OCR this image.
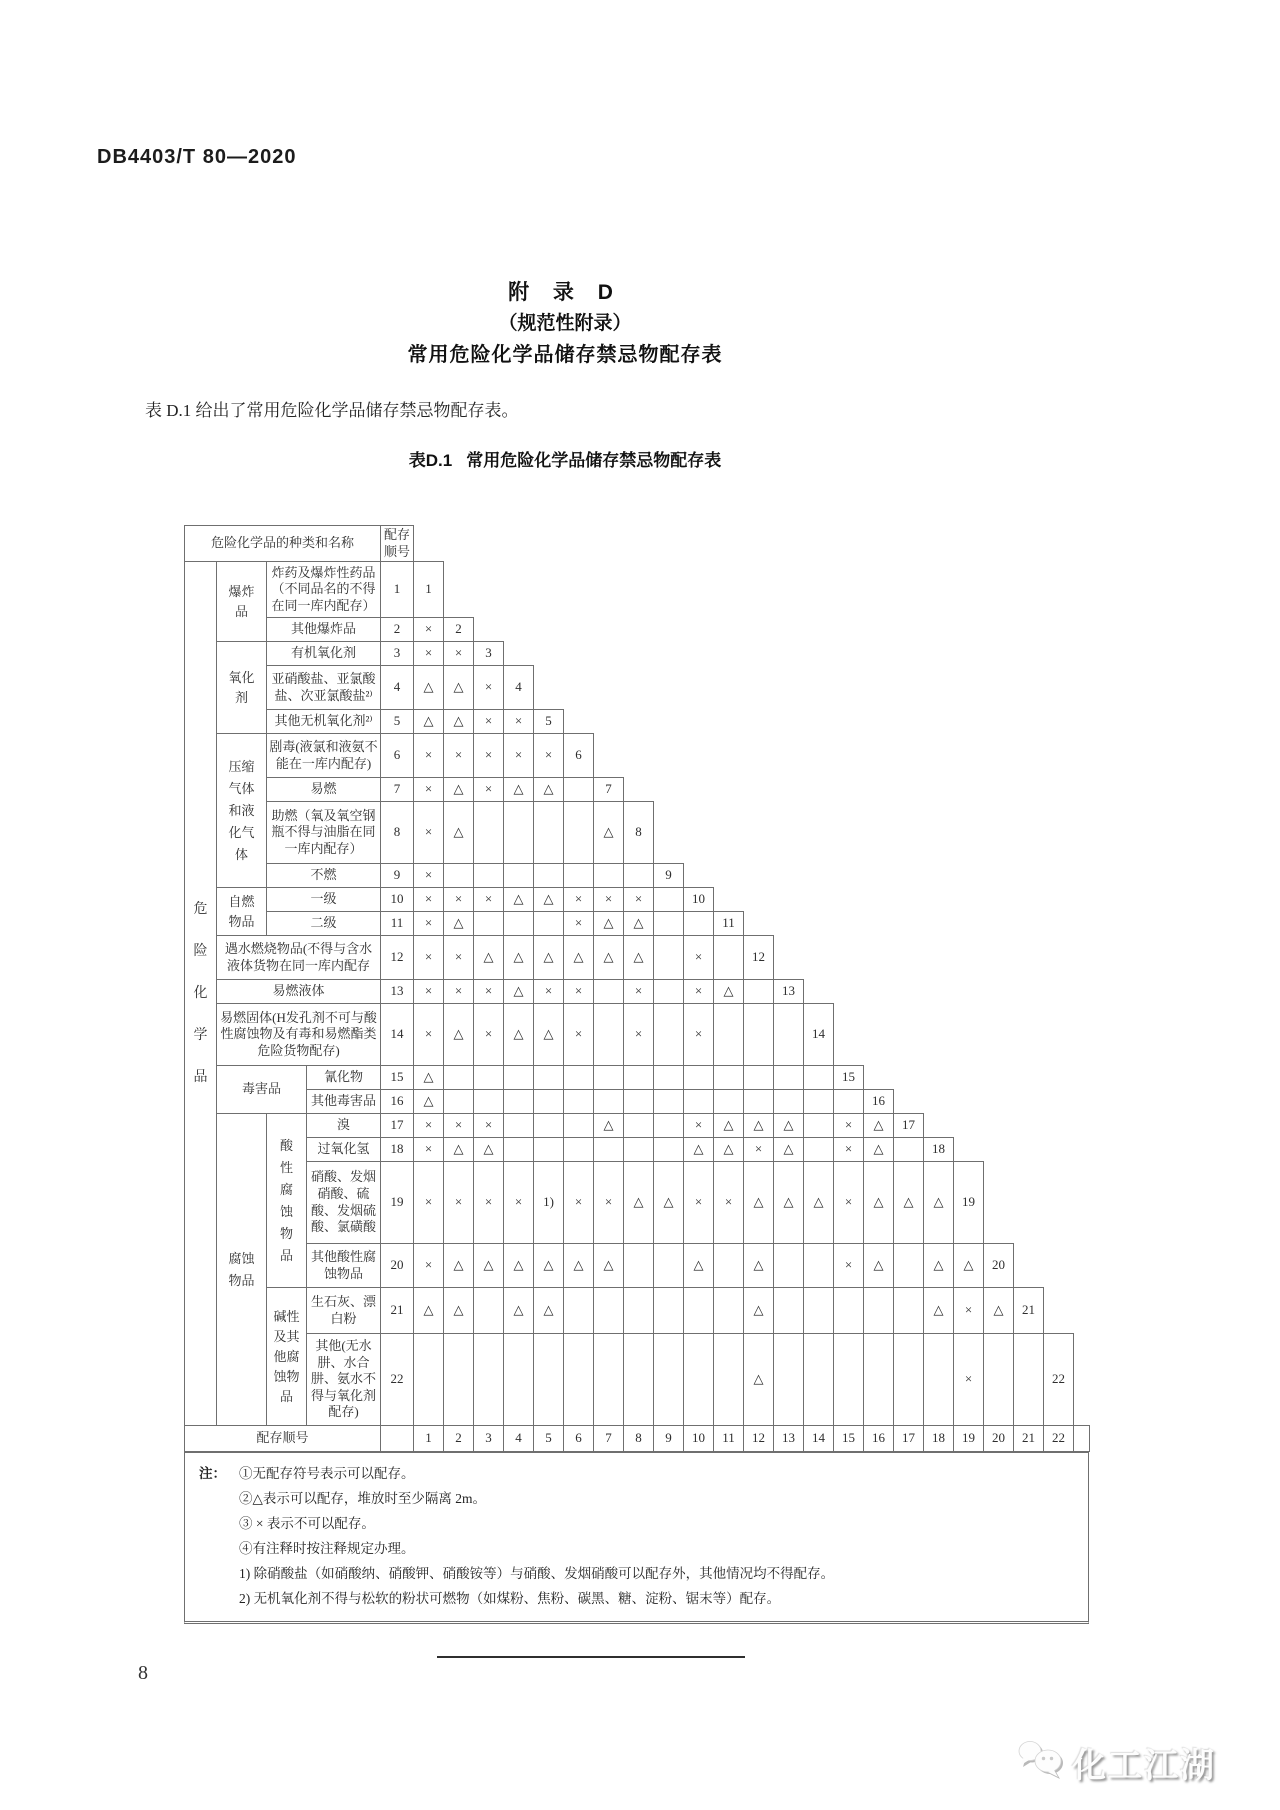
DB4403/T 80—2020
附 录 D
（规范性附录）
常用危险化学品储存禁忌物配存表
表 D.1 给出了常用危险化学品储存禁忌物配存表。
表D.1 常用危险化学品储存禁忌物配存表
危险化学品的种类和名称				配存顺号																							
危险化学品	爆炸品	炸药及爆炸性药品（不同品名的不得在同一库内配存）		1	1																						
		其他爆炸品		2	×	2																					
	氧化剂	有机氧化剂		3	×	×	3																				
		亚硝酸盐、亚氯酸盐、次亚氯酸盐²⁾		4	△	△	×	4																			
		其他无机氧化剂²⁾		5	△	△	×	×	5																		
	压缩气体和液化气体	剧毒(液氯和液氨不能在一库内配存)		6	×	×	×	×	×	6																	
		易燃		7	×	△	×	△	△		7																
		助燃（氧及氧空钢瓶不得与油脂在同一库内配存）		8	×	△					△	8															
		不燃		9	×								9														
	自燃物品	一级		10	×	×	×	△	△	×	×	×		10													
		二级		11	×	△				×	△	△			11												
	遇水燃烧物品(不得与含水液体货物在同一库内配存			12	×	×	△	△	△	△	△	△		×		12											
	易燃液体			13	×	×	×	△	×	×		×		×	△		13										
	易燃固体(H发孔剂不可与酸性腐蚀物及有毒和易燃酯类危险货物配存)			14	×	△	×	△	△	×		×		×				14									
	毒害品		氰化物	15	△														15								
			其他毒害品	16	△															16							
	腐蚀物品	酸性腐蚀物品	溴	17	×	×	×				△			×	△	△	△		×	△	17						
			过氧化氢	18	×	△	△							△	△	×	△		×	△		18					
			硝酸、发烟硝酸、硫酸、发烟硫酸、氯磺酸	19	×	×	×	×	1)	×	×	△	△	×	×	△	△	△	×	△	△	△	19				
			其他酸性腐蚀物品	20	×	△	△	△	△	△	△			△		△			×	△		△	△	20			
		碱性及其他腐蚀物品	生石灰、漂白粉	21	△	△		△	△							△						△	×	△	21		
			其他(无水肼、水合肼、氨水不得与氧化剂配存)	22												△							×			22	
配存顺号					1	2	3	4	5	6	7	8	9	10	11	12	13	14	15	16	17	18	19	20	21	22	
注： ①无配存符号表示可以配存。
②△表示可以配存，堆放时至少隔离 2m。
③ × 表示不可以配存。
④有注释时按注释规定办理。
1) 除硝酸盐（如硝酸纳、硝酸钾、硝酸铵等）与硝酸、发烟硝酸可以配存外，其他情况均不得配存。
2) 无机氧化剂不得与松软的粉状可燃物（如煤粉、焦粉、碳黑、糖、淀粉、锯末等）配存。
8
化工江湖
